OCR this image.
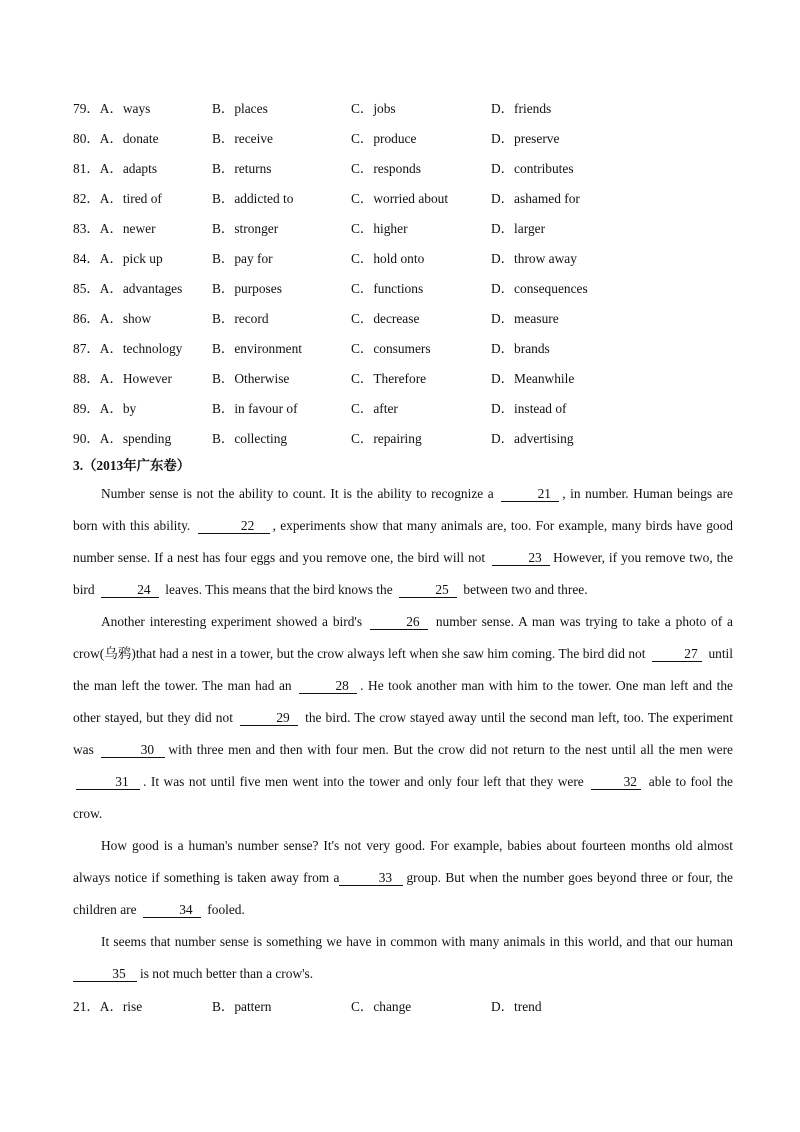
79．A．ways	B．places	C．jobs	D．friends
80．A．donate	B．receive	C．produce	D．preserve
81．A．adapts	B．returns	C．responds	D．contributes
82．A．tired of	B．addicted to	C．worried about	D．ashamed for
83．A．newer	B．stronger	C．higher	D．larger
84．A．pick up	B．pay for	C．hold onto	D．throw away
85．A．advantages	B．purposes	C．functions	D．consequences
86．A．show	B．record	C．decrease	D．measure
87．A．technology	B．environment	C．consumers	D．brands
88．A．However	B．Otherwise	C．Therefore	D．Meanwhile
89．A．by	B．in favour of	C．after	D．instead of
90．A．spending	B．collecting	C．repairing	D．advertising
3.（2013年广东卷）

Number sense is not the ability to count. It is the ability to recognize a	21 , in number. Human beings are born with this ability.	22 , experiments show that many animals are, too. For example, many birds have good number sense. If a nest has four eggs and you remove one, the bird will not	23 However, if you remove two, the bird	24 leaves. This means that the bird knows the	25 between two and three.

Another interesting experiment showed a bird's	26 number sense. A man was trying to take a photo of a crow(乌鸦)that had a nest in a tower, but the crow always left when she saw him coming. The bird did not	27 until the man left the tower. The man had an	28 . He took another man with him to the tower. One man left and the other stayed, but they did not	29 the bird. The crow stayed away until the second man left, too. The experiment was	30 with three men and then with four men. But the crow did not return to the nest until all the men were 31 . It was not until five men went into the tower and only four left that they were	32 able to fool the crow.

How good is a human's number sense? It's not very good. For example, babies about fourteen months old almost always notice if something is taken away from a	33 group. But when the number goes beyond three or four, the children are	34 fooled.

It seems that number sense is something we have in common with many animals in this world, and that our human35 is not much better than a crow's.

21．A．rise	B．pattern	C．change	D．trend
